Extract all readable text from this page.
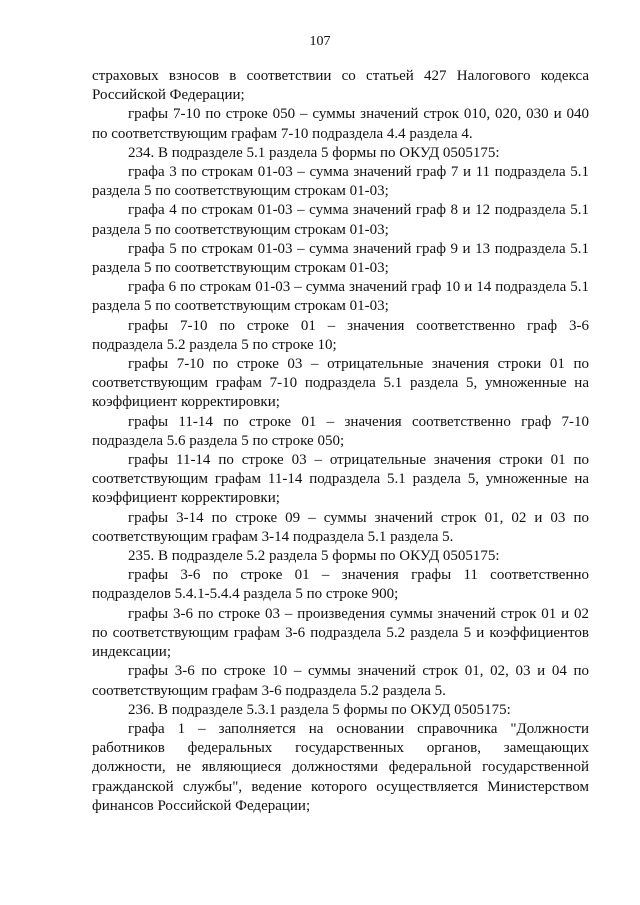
107

страховых взносов в соответствии со статьей 427 Налогового кодекса Российской Федерации;

графы 7-10 по строке 050 – суммы значений строк 010, 020, 030 и 040 по соответствующим графам 7-10 подраздела 4.4 раздела 4.

234. В подразделе 5.1 раздела 5 формы по ОКУД 0505175:

графа 3 по строкам 01-03 – сумма значений граф 7 и 11 подраздела 5.1 раздела 5 по соответствующим строкам 01-03;

графа 4 по строкам 01-03 – сумма значений граф 8 и 12 подраздела 5.1 раздела 5 по соответствующим строкам 01-03;

графа 5 по строкам 01-03 – сумма значений граф 9 и 13 подраздела 5.1 раздела 5 по соответствующим строкам 01-03;

графа 6 по строкам 01-03 – сумма значений граф 10 и 14 подраздела 5.1 раздела 5 по соответствующим строкам 01-03;

графы 7-10 по строке 01 – значения соответственно граф 3-6 подраздела 5.2 раздела 5 по строке 10;

графы 7-10 по строке 03 – отрицательные значения строки 01 по соответствующим графам 7-10 подраздела 5.1 раздела 5, умноженные на коэффициент корректировки;

графы 11-14 по строке 01 – значения соответственно граф 7-10 подраздела 5.6 раздела 5 по строке 050;

графы 11-14 по строке 03 – отрицательные значения строки 01 по соответствующим графам 11-14 подраздела 5.1 раздела 5, умноженные на коэффициент корректировки;

графы 3-14 по строке 09 – суммы значений строк 01, 02 и 03 по соответствующим графам 3-14 подраздела 5.1 раздела 5.

235. В подразделе 5.2 раздела 5 формы по ОКУД 0505175:

графы 3-6 по строке 01 – значения графы 11 соответственно подразделов 5.4.1-5.4.4 раздела 5 по строке 900;

графы 3-6 по строке 03 – произведения суммы значений строк 01 и 02 по соответствующим графам 3-6 подраздела 5.2 раздела 5 и коэффициентов индексации;

графы 3-6 по строке 10 – суммы значений строк 01, 02, 03 и 04 по соответствующим графам 3-6 подраздела 5.2 раздела 5.

236. В подразделе 5.3.1 раздела 5 формы по ОКУД 0505175:

графа 1 – заполняется на основании справочника "Должности работников федеральных государственных органов, замещающих должности, не являющиеся должностями федеральной государственной гражданской службы", ведение которого осуществляется Министерством финансов Российской Федерации;
